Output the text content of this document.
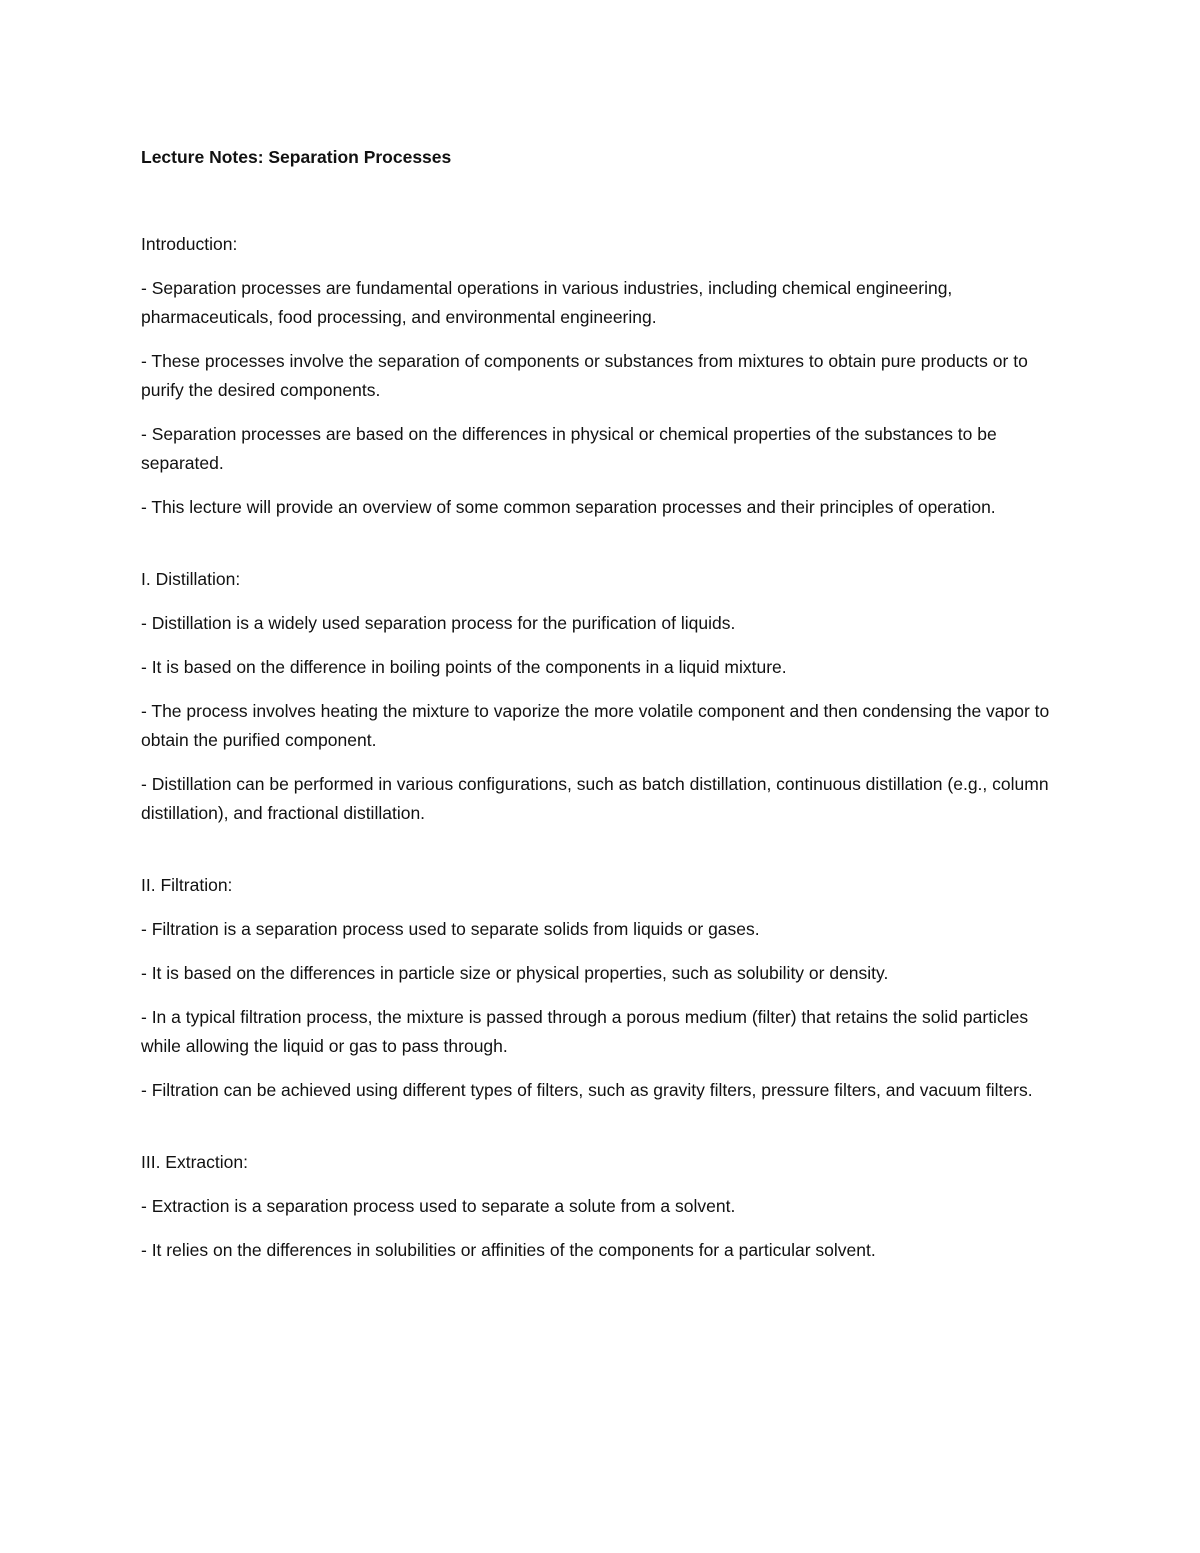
Lecture Notes: Separation Processes
Introduction:
- Separation processes are fundamental operations in various industries, including chemical engineering, pharmaceuticals, food processing, and environmental engineering.
- These processes involve the separation of components or substances from mixtures to obtain pure products or to purify the desired components.
- Separation processes are based on the differences in physical or chemical properties of the substances to be separated.
- This lecture will provide an overview of some common separation processes and their principles of operation.
I. Distillation:
- Distillation is a widely used separation process for the purification of liquids.
- It is based on the difference in boiling points of the components in a liquid mixture.
- The process involves heating the mixture to vaporize the more volatile component and then condensing the vapor to obtain the purified component.
- Distillation can be performed in various configurations, such as batch distillation, continuous distillation (e.g., column distillation), and fractional distillation.
II. Filtration:
- Filtration is a separation process used to separate solids from liquids or gases.
- It is based on the differences in particle size or physical properties, such as solubility or density.
- In a typical filtration process, the mixture is passed through a porous medium (filter) that retains the solid particles while allowing the liquid or gas to pass through.
- Filtration can be achieved using different types of filters, such as gravity filters, pressure filters, and vacuum filters.
III. Extraction:
- Extraction is a separation process used to separate a solute from a solvent.
- It relies on the differences in solubilities or affinities of the components for a particular solvent.
